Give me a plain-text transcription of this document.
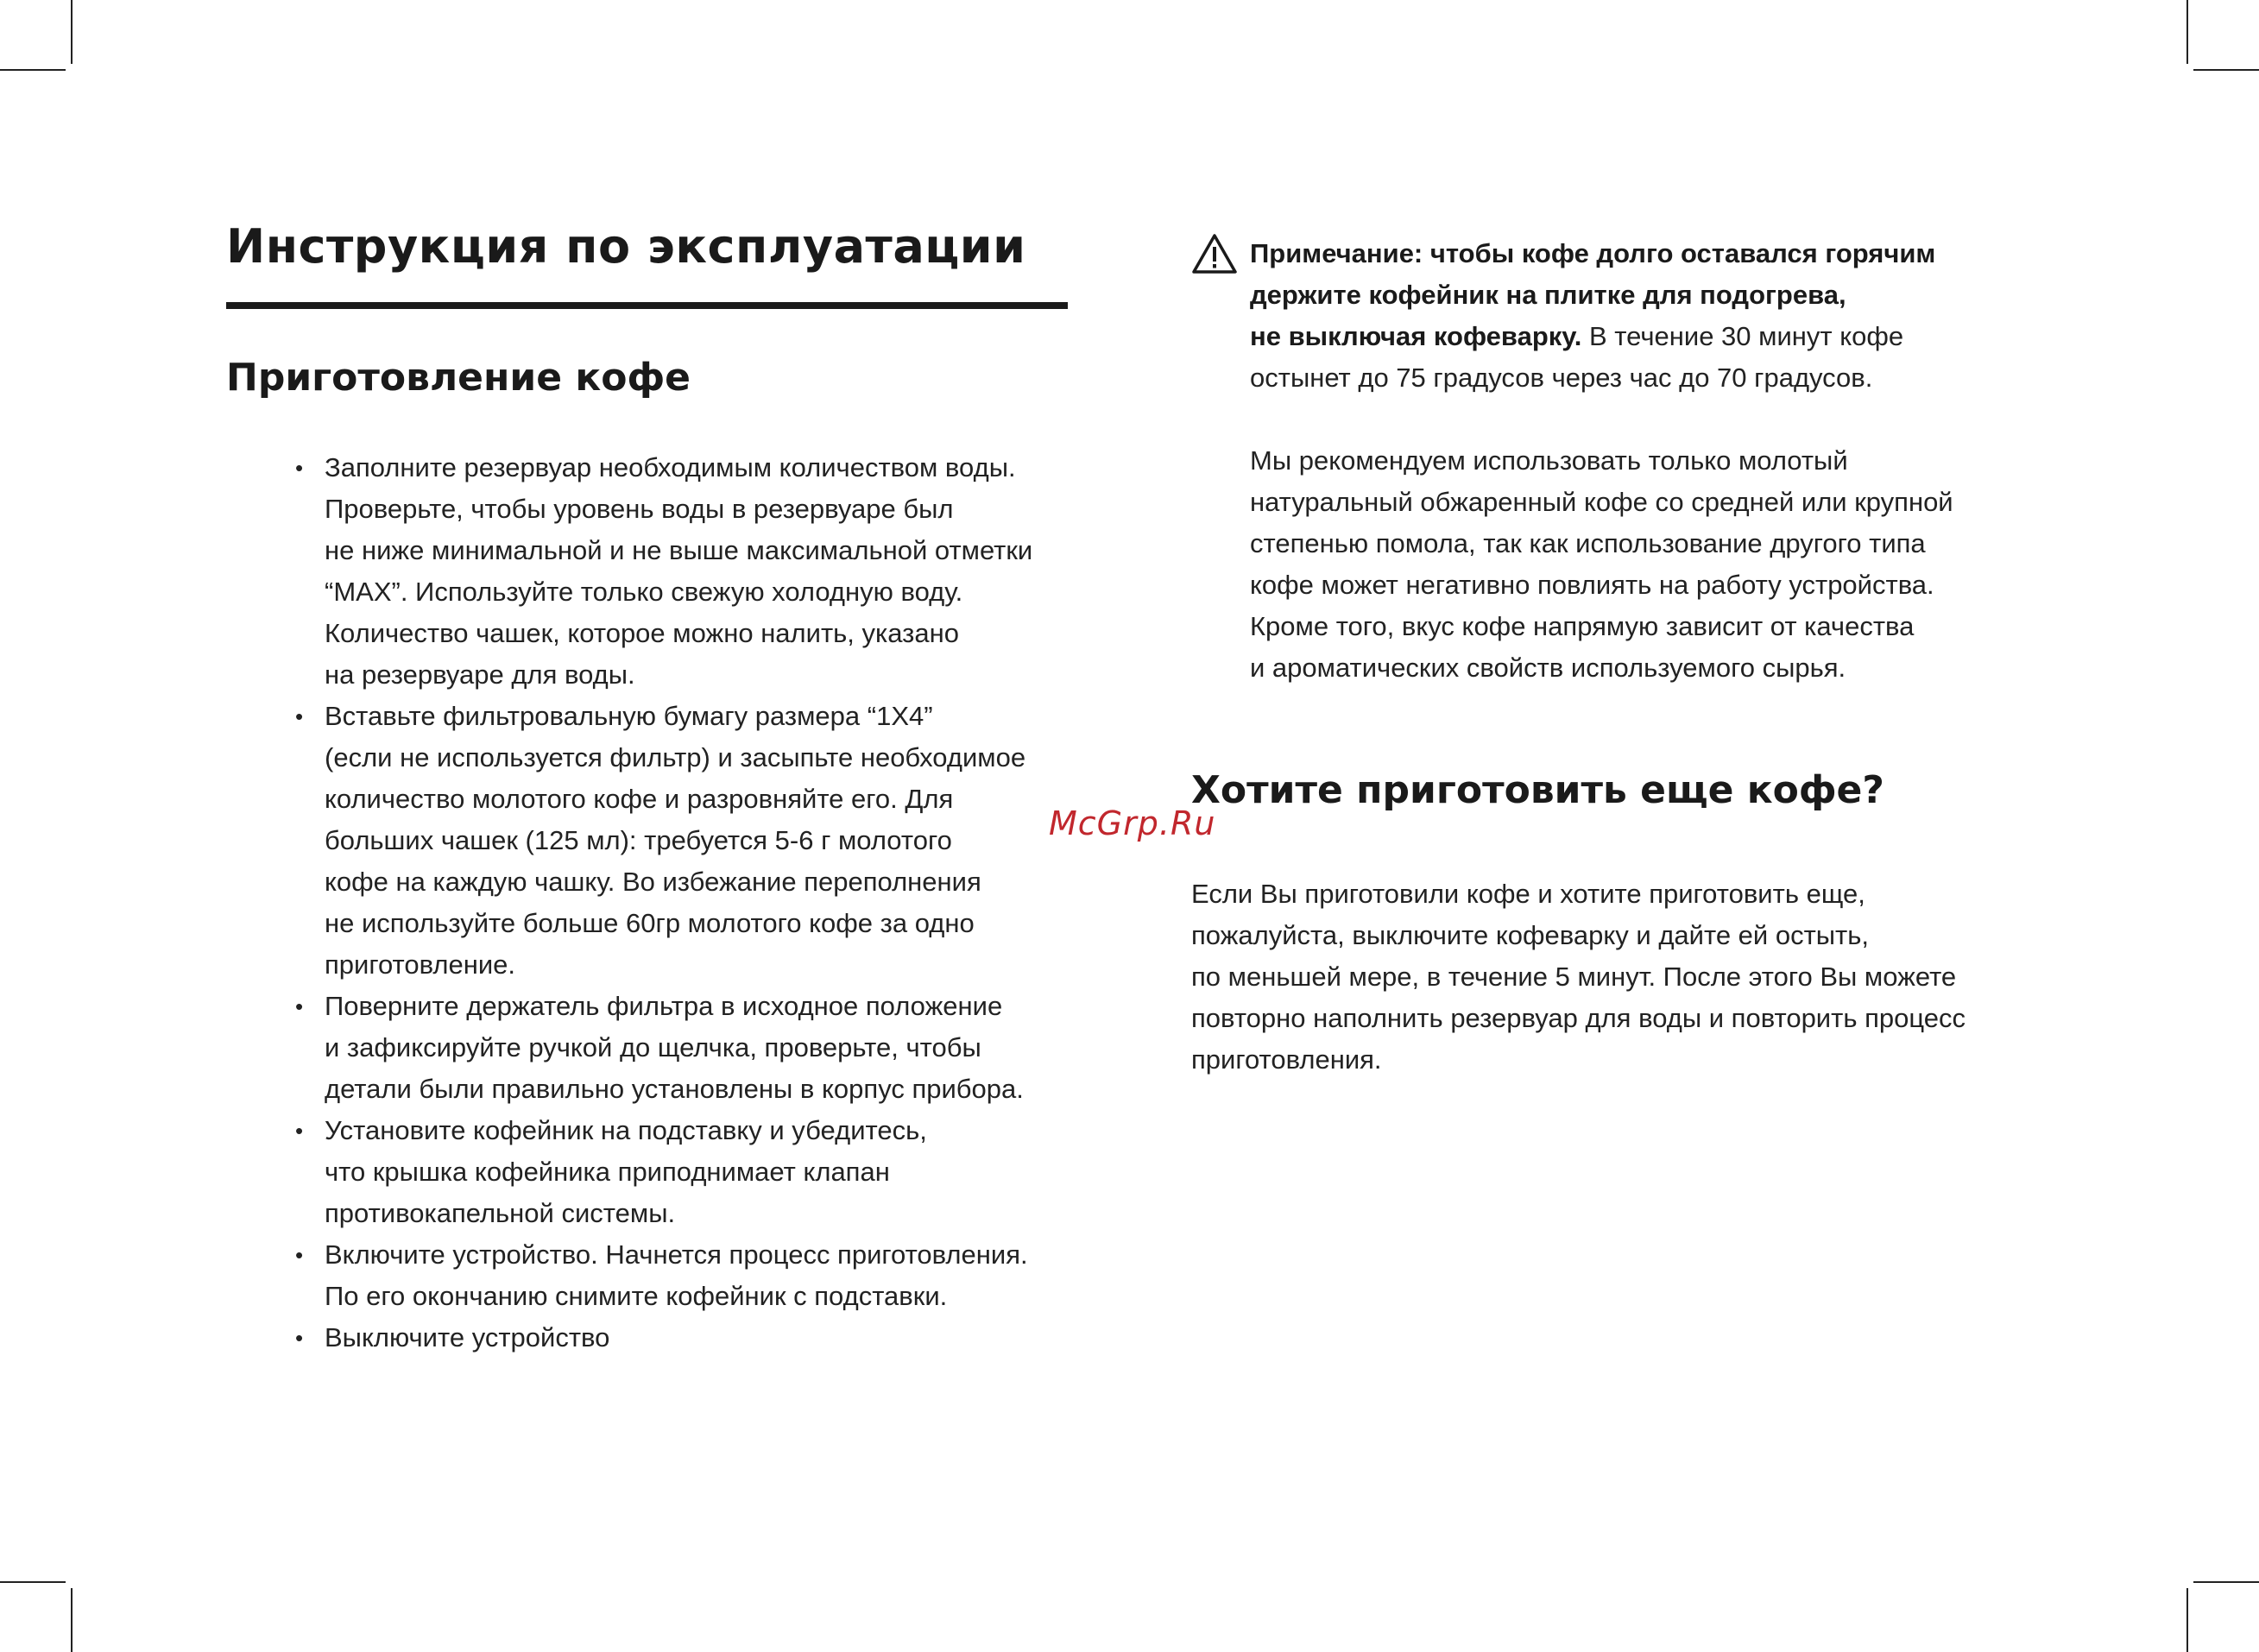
Инструкция по эксплуатации
Приготовление кофе
• Заполните резервуар необходимым количеством воды.
Проверьте, чтобы уровень воды в резервуаре был
не ниже минимальной и не выше максимальной отметки
“MAX”. Используйте только свежую холодную воду.
Количество чашек, которое можно налить, указано
на резервуаре для воды.
• Вставьте фильтровальную бумагу размера “1Х4”
(если не используется фильтр) и засыпьте необходимое
количество молотого кофе и разровняйте его. Для
больших чашек (125 мл): требуется 5-6 г молотого
кофе на каждую чашку. Во избежание переполнения
не используйте больше 60гр молотого кофе за одно
приготовление.
• Поверните держатель фильтра в исходное положение
и зафиксируйте ручкой до щелчка, проверьте, чтобы
детали были правильно установлены в корпус прибора.
• Установите кофейник на подставку и убедитесь,
что крышка кофейника приподнимает клапан
противокапельной системы.
• Включите устройство. Начнется процесс приготовления.
По его окончанию снимите кофейник с подставки.
• Выключите устройство

Примечание: чтобы кофе долго оставался горячим
держите кофейник на плитке для подогрева,
не выключая кофеварку. В течение 30 минут кофе
остынет до 75 градусов через час до 70 градусов.

Мы рекомендуем использовать только молотый
натуральный обжаренный кофе со средней или крупной
степенью помола, так как использование другого типа
кофе может негативно повлиять на работу устройства.
Кроме того, вкус кофе напрямую зависит от качества
и ароматических свойств используемого сырья.

Хотите приготовить еще кофе?

Если Вы приготовили кофе и хотите приготовить еще,
пожалуйста, выключите кофеварку и дайте ей остыть,
по меньшей мере, в течение 5 минут. После этого Вы можете
повторно наполнить резервуар для воды и повторить процесс
приготовления.

McGrp.Ru
